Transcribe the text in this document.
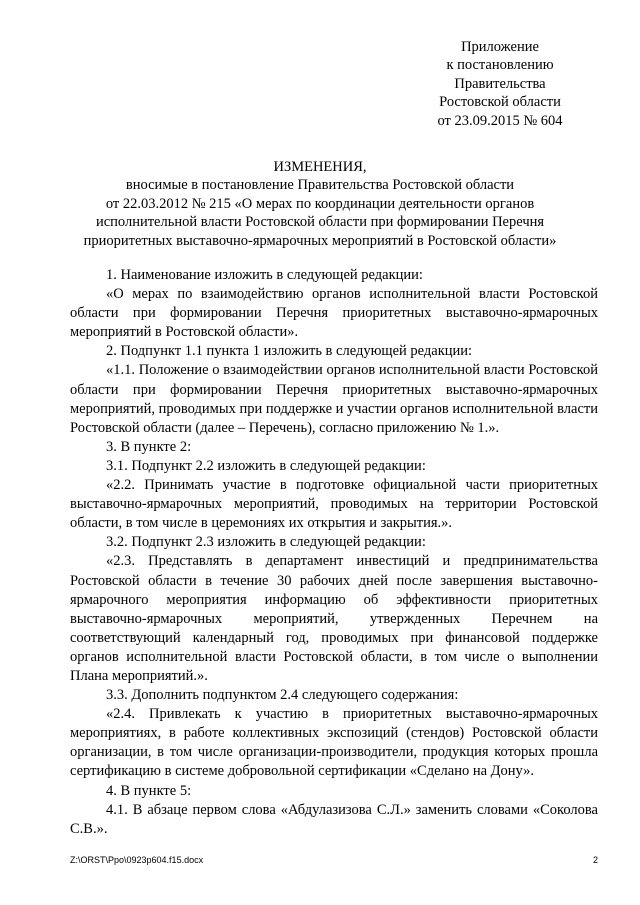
Приложение
к постановлению
Правительства
Ростовской области
от 23.09.2015 № 604
ИЗМЕНЕНИЯ,
вносимые в постановление Правительства Ростовской области
от 22.03.2012 № 215 «О мерах по координации деятельности органов
исполнительной власти Ростовской области при формировании Перечня
приоритетных выставочно-ярмарочных мероприятий в Ростовской области»

1. Наименование изложить в следующей редакции:

«О мерах по взаимодействию органов исполнительной власти Ростовской области при формировании Перечня приоритетных выставочно-ярмарочных мероприятий в Ростовской области».

2. Подпункт 1.1 пункта 1 изложить в следующей редакции:

«1.1. Положение о взаимодействии органов исполнительной власти Ростовской области при формировании Перечня приоритетных выставочно-ярмарочных мероприятий, проводимых при поддержке и участии органов исполнительной власти Ростовской области (далее – Перечень), согласно приложению № 1.».

3. В пункте 2:

3.1. Подпункт 2.2 изложить в следующей редакции:

«2.2. Принимать участие в подготовке официальной части приоритетных выставочно-ярмарочных мероприятий, проводимых на территории Ростовской области, в том числе в церемониях их открытия и закрытия.».

3.2. Подпункт 2.3 изложить в следующей редакции:

«2.3. Представлять в департамент инвестиций и предпринимательства Ростовской области в течение 30 рабочих дней после завершения выставочно-ярмарочного мероприятия информацию об эффективности приоритетных выставочно-ярмарочных мероприятий, утвержденных Перечнем на соответствующий календарный год, проводимых при финансовой поддержке органов исполнительной власти Ростовской области, в том числе о выполнении Плана мероприятий.».

3.3. Дополнить подпунктом 2.4 следующего содержания:

«2.4. Привлекать к участию в приоритетных выставочно-ярмарочных мероприятиях, в работе коллективных экспозиций (стендов) Ростовской области организации, в том числе организации-производители, продукция которых прошла сертификацию в системе добровольной сертификации «Сделано на Дону».

4. В пункте 5:

4.1. В абзаце первом слова «Абдулазизова С.Л.» заменить словами «Соколова С.В.».

Z:\ORST\Ppo\0923p604.f15.docx	2
